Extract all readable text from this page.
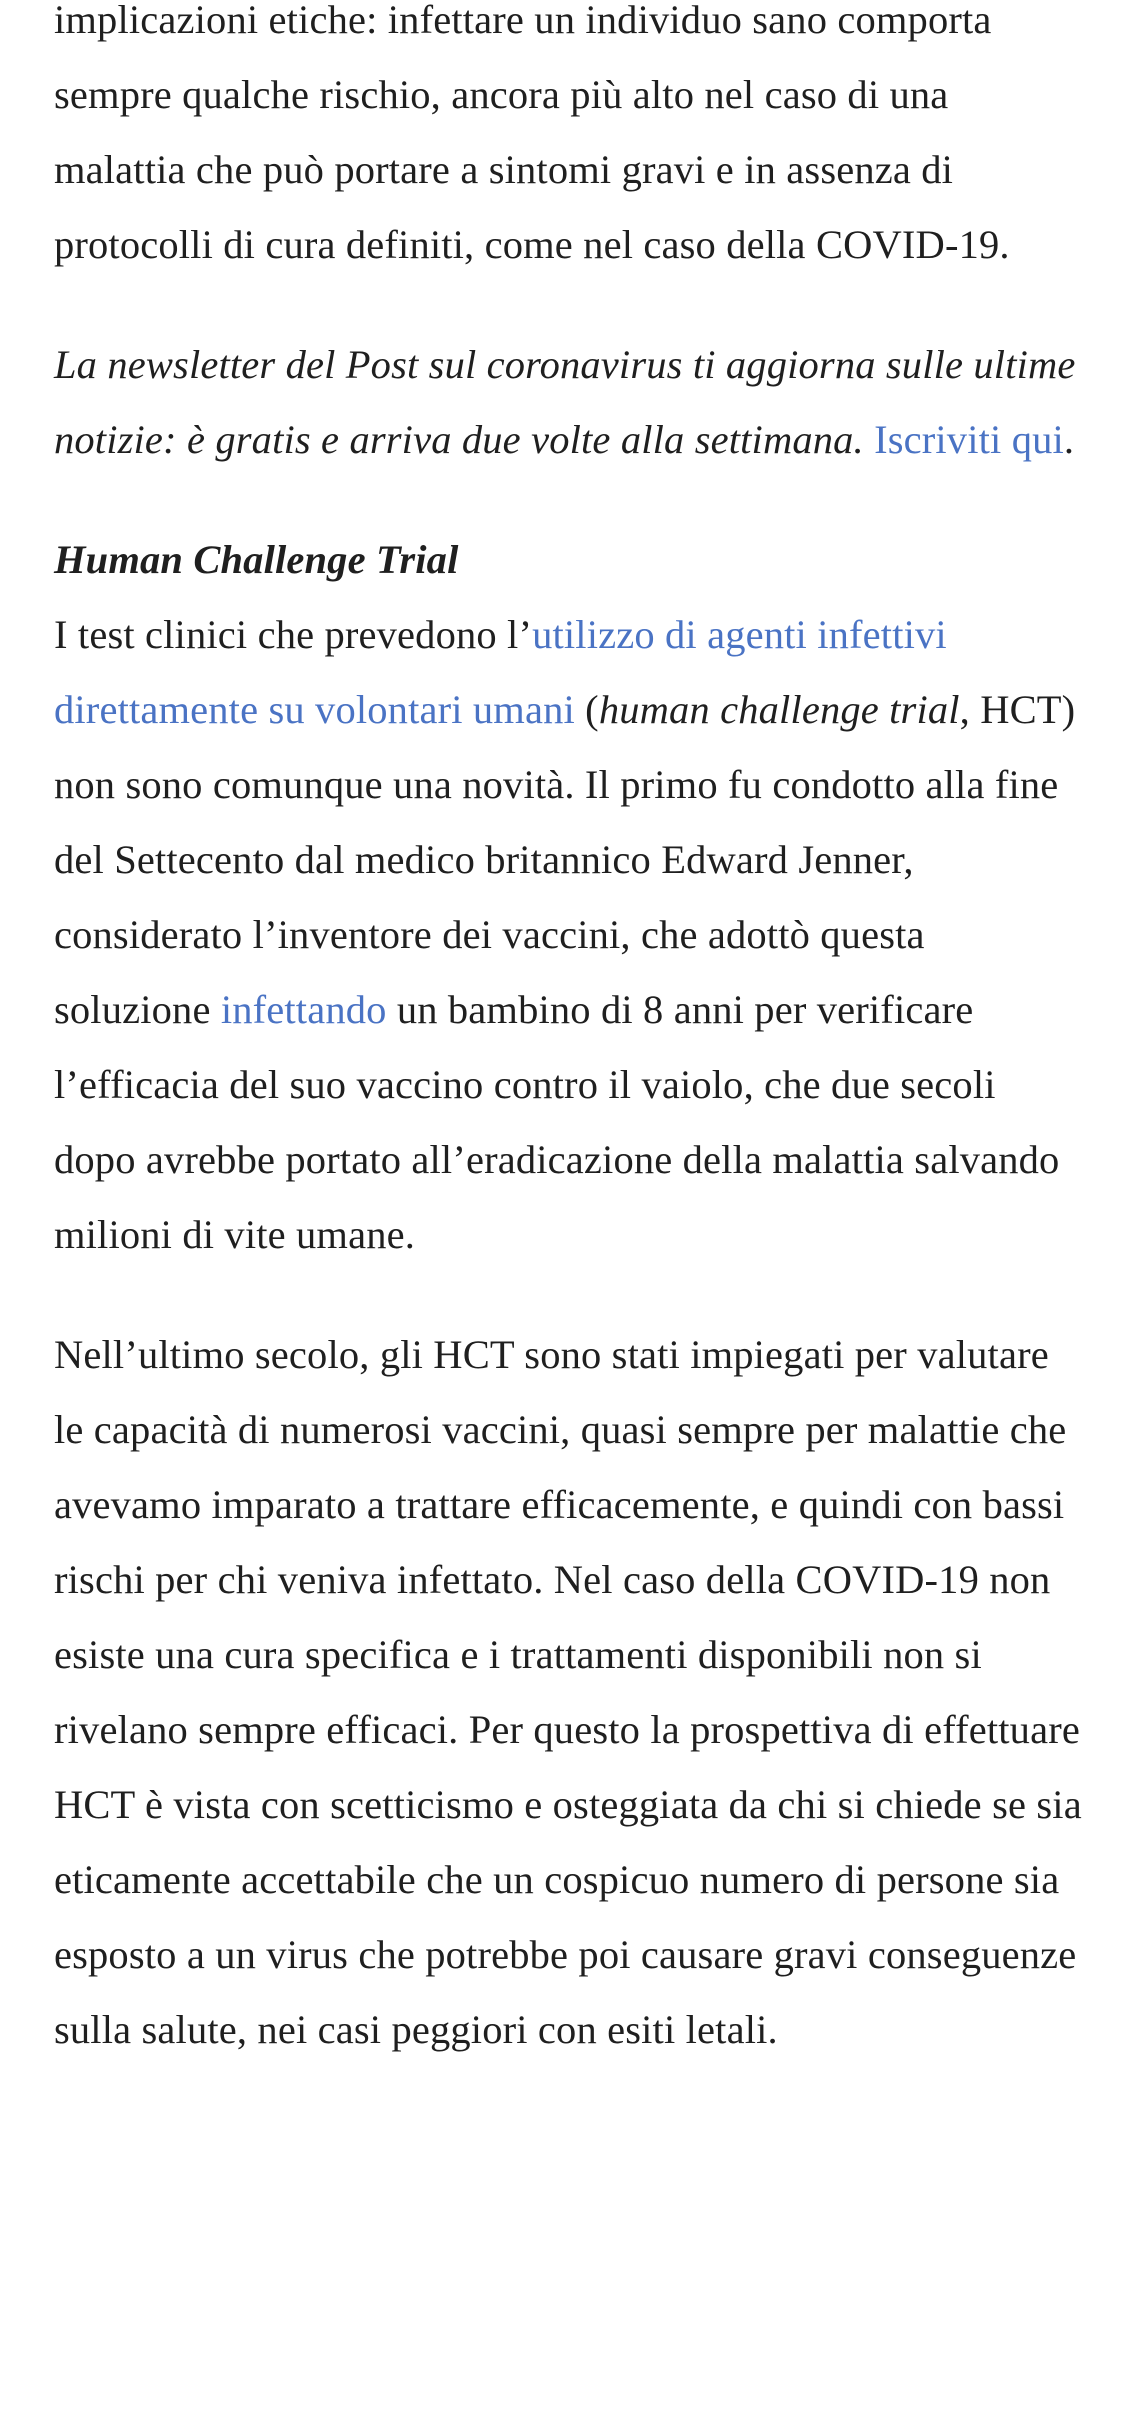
implicazioni etiche: infettare un individuo sano comporta sempre qualche rischio, ancora più alto nel caso di una malattia che può portare a sintomi gravi e in assenza di protocolli di cura definiti, come nel caso della COVID-19.

La newsletter del Post sul coronavirus ti aggiorna sulle ultime notizie: è gratis e arriva due volte alla settimana. Iscriviti qui.

Human Challenge Trial

I test clinici che prevedono l’utilizzo di agenti infettivi direttamente su volontari umani (human challenge trial, HCT) non sono comunque una novità. Il primo fu condotto alla fine del Settecento dal medico britannico Edward Jenner, considerato l’inventore dei vaccini, che adottò questa soluzione infettando un bambino di 8 anni per verificare l’efficacia del suo vaccino contro il vaiolo, che due secoli dopo avrebbe portato all’eradicazione della malattia salvando milioni di vite umane.

Nell’ultimo secolo, gli HCT sono stati impiegati per valutare le capacità di numerosi vaccini, quasi sempre per malattie che avevamo imparato a trattare efficacemente, e quindi con bassi rischi per chi veniva infettato. Nel caso della COVID-19 non esiste una cura specifica e i trattamenti disponibili non si rivelano sempre efficaci. Per questo la prospettiva di effettuare HCT è vista con scetticismo e osteggiata da chi si chiede se sia eticamente accettabile che un cospicuo numero di persone sia esposto a un virus che potrebbe poi causare gravi conseguenze sulla salute, nei casi peggiori con esiti letali.
